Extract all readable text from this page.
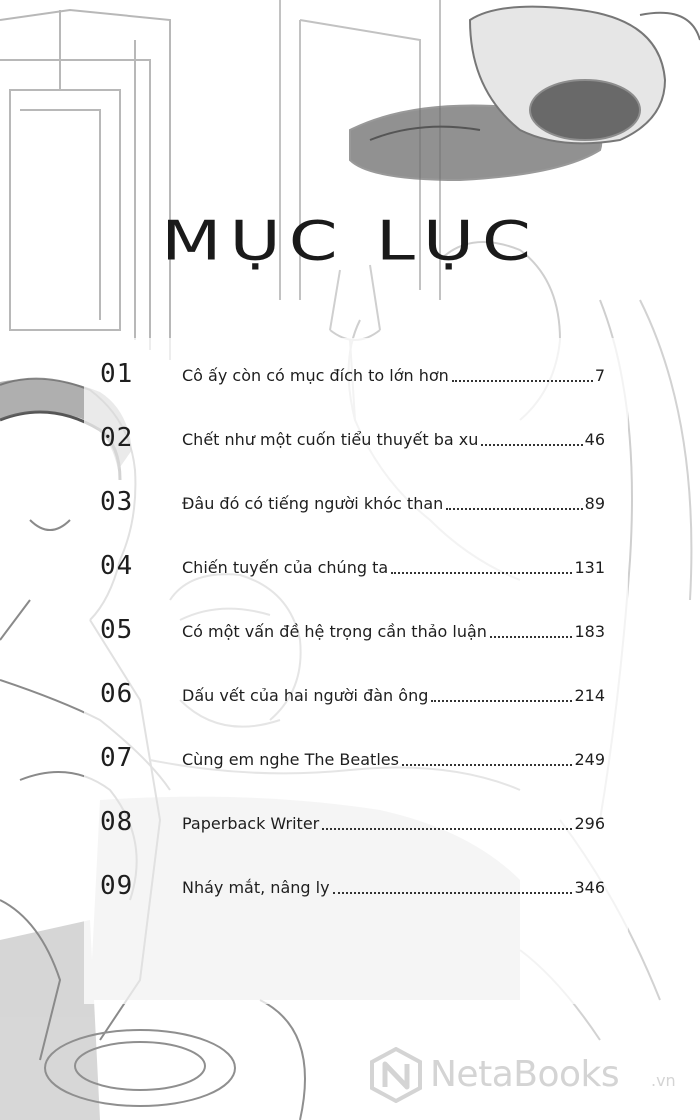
MỤC LỤC
01	Cô ấy còn có mục đích to lớn hơn	7
02	Chết như một cuốn tiểu thuyết ba xu	46
03	Đâu đó có tiếng người khóc than	89
04	Chiến tuyến của chúng ta	131
05	Có một vấn đề hệ trọng cần thảo luận	183
06	Dấu vết của hai người đàn ông	214
07	Cùng em nghe The Beatles	249
08	Paperback Writer	296
09	Nháy mắt, nâng ly	346
NetaBooks .vn
